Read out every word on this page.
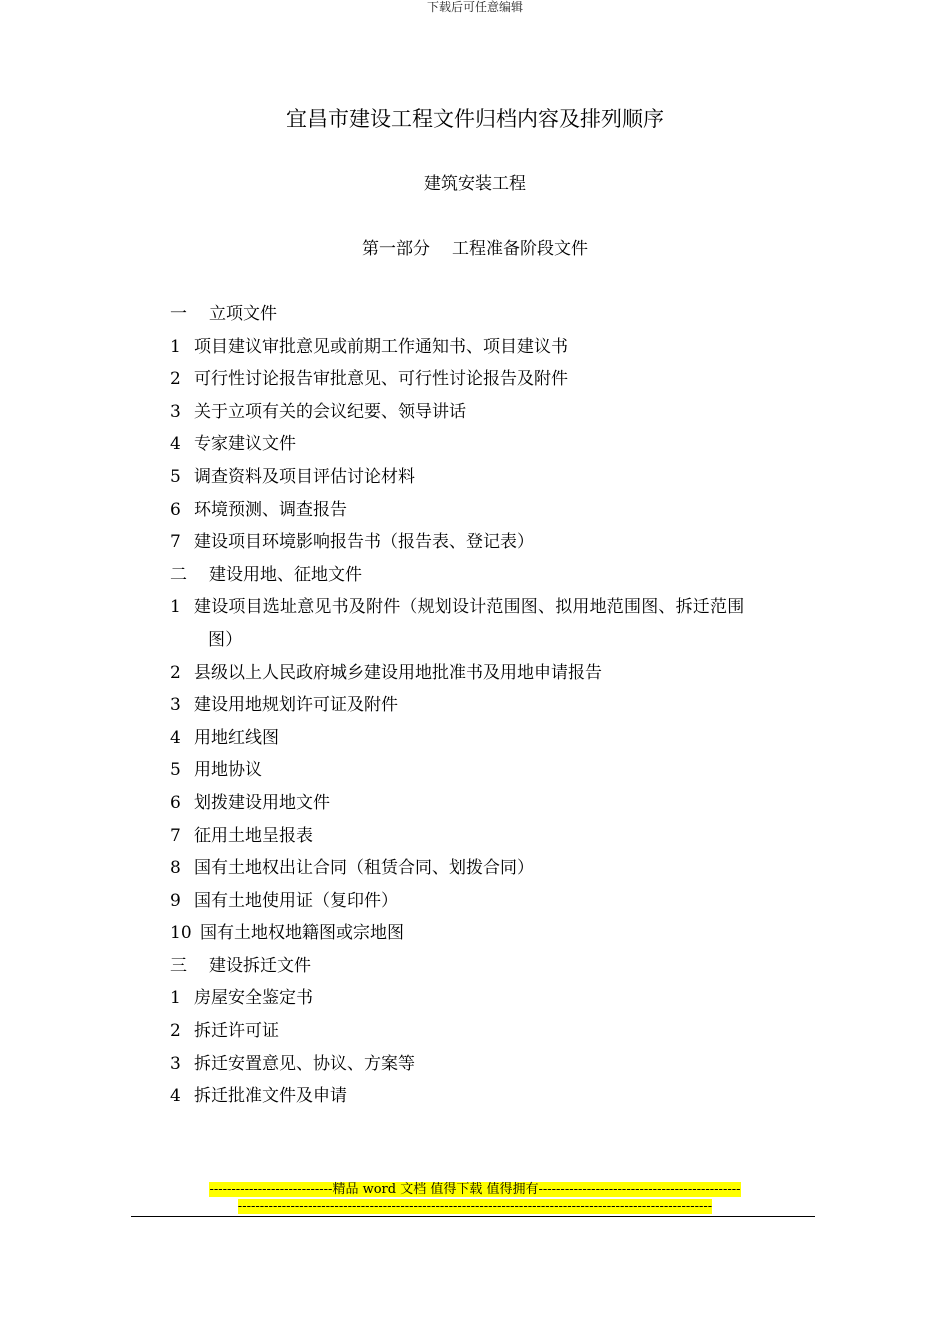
下载后可任意编辑
宜昌市建设工程文件归档内容及排列顺序
建筑安装工程
第一部分 工程准备阶段文件
一	立项文件
1 项目建议审批意见或前期工作通知书、项目建议书
2 可行性讨论报告审批意见、可行性讨论报告及附件
3 关于立项有关的会议纪要、领导讲话
4 专家建议文件
5 调查资料及项目评估讨论材料
6 环境预测、调查报告
7 建设项目环境影响报告书（报告表、登记表）
二	建设用地、征地文件
1 建设项目选址意见书及附件（规划设计范围图、拟用地范围图、拆迁范围
图）
2 县级以上人民政府城乡建设用地批准书及用地申请报告
3 建设用地规划许可证及附件
4 用地红线图
5 用地协议
6 划拨建设用地文件
7 征用土地呈报表
8 国有土地权出让合同（租赁合同、划拨合同）
9 国有土地使用证（复印件）
10 国有土地权地籍图或宗地图
三	建设拆迁文件
1 房屋安全鉴定书
2 拆迁许可证
3 拆迁安置意见、协议、方案等
4 拆迁批准文件及申请
----------------------------精品 word 文档 值得下载 值得拥有----------------------------------------------
------------------------------------------------------------------------------------------------------------
